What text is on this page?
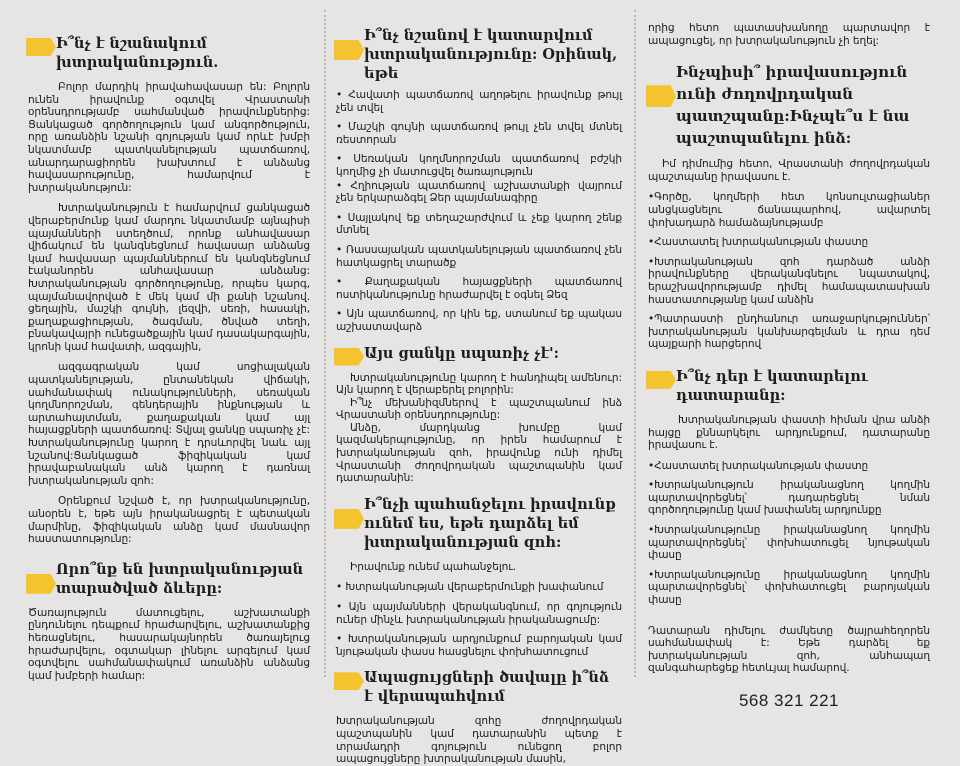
Ի՞նչ է նշանակում խտրականություն.

Բոլոր մարդիկ իրավահավասար են: Բոլորն ունեն իրավունք օգտվել Վրաստանի օրենսդրությամբ սահմանված իրավունքներից: Ցանկացած գործողություն կամ անգործություն, որը առանձին նշանի գոյության կամ որևէ խմբի նկատմամբ պատկանելության պատճառով, անարդարացիորեն խախտում է անձանց հավասարությունը, համարվում է խտրականություն:

Խտրականություն է համարվում ցանկացած վերաբերմունք կամ մարդու նկատմամբ այնպիսի պայմանների ստեղծում, որոնք անհավասար վիճակում են կանգնեցնում հավասար անձանց կամ հավասար պայմաններում են կանգնեցնում էականորեն անհավասար անձանց: Խտրականության գործողությունը, որպես կարգ, պայմանավորված է մեկ կամ մի քանի նշանով. ցեղային, մաշկի գույնի, լեզվի, սեռի, հասակի, քաղաքացիության, ծագման, ծնված տեղի, բնակավայրի ունեցածքային կամ դասակարգային, կրոնի կամ հավատի, ազգային,

ազգագրական կամ սոցիալական պատկանելության, ընտանեկան վիճակի, սահմանափակ ունակությունների, սեռական կողմնորոշման, գենդերային ինքնության և արտահայտման, քաղաքական կամ այլ հայացքների պատճառով: Տվյալ ցանկը սպառիչ չէ: Խտրականությունը կարող է դրսևորվել նաև այլ նշանով:Ցանկացած ֆիզիկական կամ իրավաբանական անձ կարող է դառնալ խտրականության զոհ:

Օրենքում նշված է, որ խտրականությունը, անօրեն է, եթե այն իրականացրել է պետական մարմինը, ֆիզիկական անձը կամ մասնավոր հաստատությունը:

Որո՞նք են խտրականության տարածված ձևերը:

Ծառայություն մատուցելու, աշխատանքի ընդունելու դեպքում հրաժարվելու, աշխատանքից հեռացնելու, հասարակայնորեն ծառայելուց հրաժարվելու, օգտակար լինելու արգելում կամ օգտվելու սահմանափակում առանձին անձանց կամ խմբերի համար:

Ի՞նչ նշանով է կատարվում խտրականությունը: Օրինակ, եթե
• Հավատի պատճառով աղոթելու իրավունք թույլ չեն տվել
• Մաշկի գույնի պատճառով թույլ չեն տվել մտնել ռեստորան
• Սեռական կողմնորոշման պատճառով բժշկի կողմից չի մատուցվել ծառայություն
• Հղիության պատճառով աշխատանքի վայրում չեն երկարաձգել Ձեր պայմանագիրը
• Սայլակով եք տեղաշարժվում և չեք կարող շենք մտնել
• Ռասսայական պատկանելության պատճառով չեն հատկացրել տարածք
• Քաղաքական հայացքների պատճառով ոստիկանությունը հրաժարվել է օգնել Ձեզ
• Այն պատճառով, որ կին եք, ստանում եք պակաս աշխատավարձ
Այս ցանկը սպառիչ չէ':

Խտրականությունը կարող է հանդիպել ամենուր: Այն կարող է վերաբերել բոլորին:

Ի՞նչ մեխանիզմներով է պաշտպանում ինձ Վրաստանի օրենսդրությունը:

Անձը, մարդկանց խումբը կամ կազմակերպությունը, որ իրեն համարում է խտրականության զոհ, իրավունք ունի դիմել Վրաստանի ժողովրդական պաշտպանին կամ դատարանին:

Ի՞նչի պահանջելու իրավունք ունեմ ես, եթե դարձել եմ խտրականության զոհ:

Իրավունք ունեմ պահանջելու.

• Խտրականության վերաբերմունքի խափանում
• Այն պայմանների վերականգնում, որ գոյություն ուներ մինչև խտրականության իրականացումը:
• Խտրականության արդյունքում բարոյական կամ նյութական փասս հասցնելու փոխհատուցում
Ապացույցների ծավալը ի՞նձ է վերապահվում

Խտրականության զոհը ժողովրդական պաշտպանին կամ դատարանին պետք է տրամադրի գոյություն ունեցող բոլոր ապացույցները խտրականության մասին,

որից հետո պատասխանողը պարտավոր է ապացուցել, որ խտրականություն չի եղել:

Ինչպիսի՞ իրավասություն ունի ժողովրդական պատշպանը:Ինչպե՞ս է նա պաշտպանելու ինձ:

Իմ դիմումից հետո, Վրաստանի ժողովրդական պաշտպանը իրավասու է.

• Գործը, կողմերի հետ կոնսուլտացիաներ անցկացնելու ճանապարհով, ավարտել փոխադարձ համաձայնությամբ
• Հաստատել խտրականության փաստը
• Խտրականության զոհ դարձած անձի իրավունքները վերականգնելու նպատակով, երաշխավորությամբ դիմել համապատասխան հաստատությանը կամ անձին
• Պատրաստի ընդհանուր առաջարկություններ՝ խտրականության կանխարգելման և դրա դեմ պայքարի հարցերով
Ի՞նչ դեր է կատարելու դատարանը:

Խտրականության փաստի հիման վրա անձի հայցը քննարկելու արդյունքում, դատարանը իրավասու է.

• Հաստատել խտրականության փաստը
• Խտրականություն իրականացնող կողմին պարտավորեցնել՝ դադարեցնել նման գործողությունը կամ խափանել արդյունքը
• Խտրականությունը իրականացնող կողմին պարտավորեցնել՝ փոխհատուցել նյութական փասը
• Խտրականությունը իրականացնող կողմին պարտավորեցնել՝ փոխհատուցել բարոյական փասը

Դատարան դիմելու ժամկետը ծայրահեղորեն սահմանափակ է: Եթե դարձել եք խտրականության զոհ, անհապաղ զանգահարեցեք հետևյալ համարով.

568 321 221
